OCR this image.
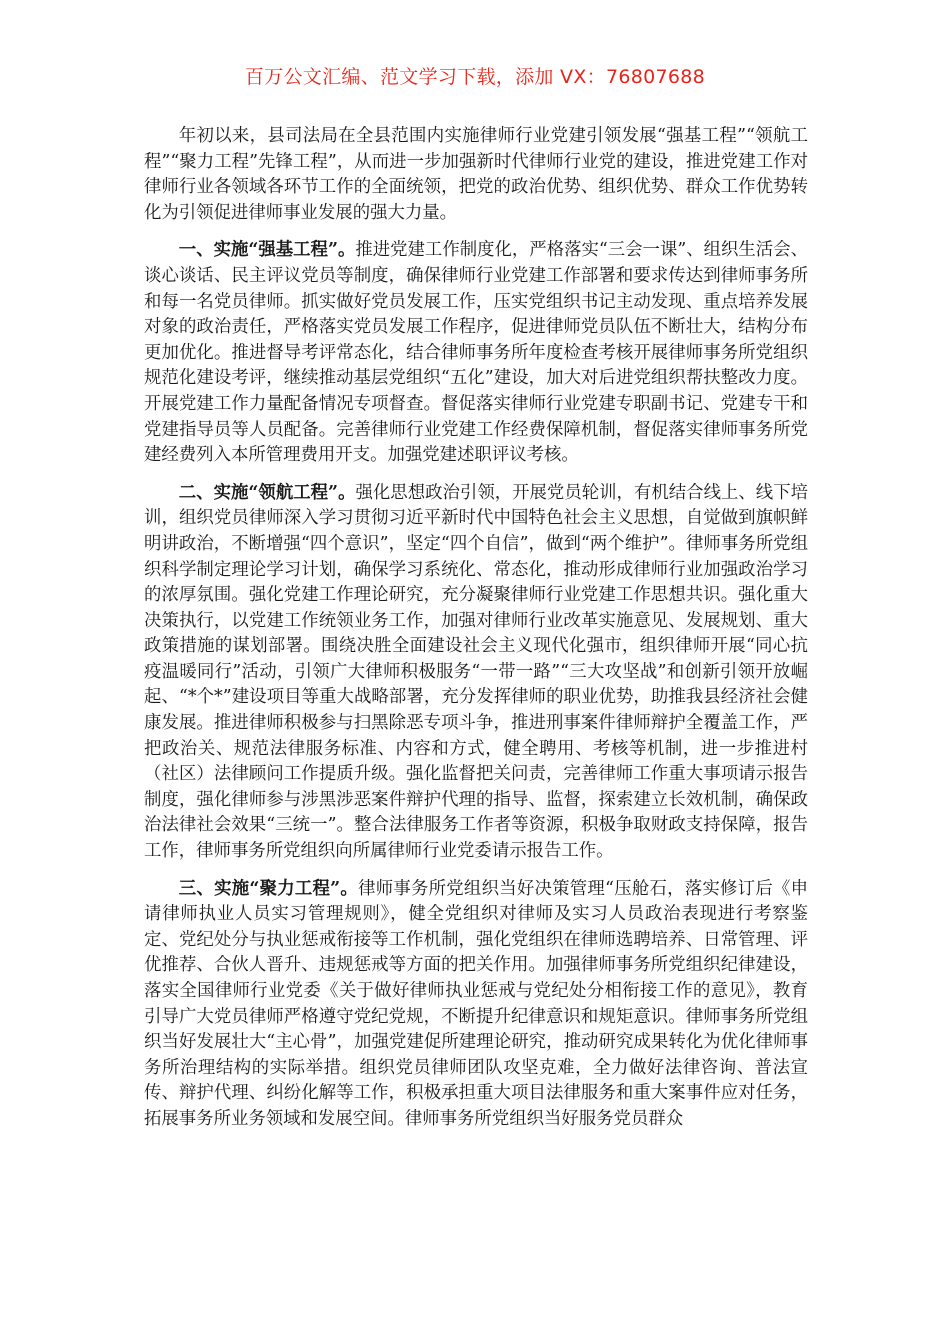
百万公文汇编、范文学习下载，添加 VX：76807688

年初以来，县司法局在全县范围内实施律师行业党建引领发展“强基工程”“领航工程”“聚力工程”先锋工程”，从而进一步加强新时代律师行业党的建设，推进党建工作对律师行业各领域各环节工作的全面统领，把党的政治优势、组织优势、群众工作优势转化为引领促进律师事业发展的强大力量。

一、实施“强基工程”。推进党建工作制度化，严格落实“三会一课”、组织生活会、谈心谈话、民主评议党员等制度，确保律师行业党建工作部署和要求传达到律师事务所和每一名党员律师。抓实做好党员发展工作，压实党组织书记主动发现、重点培养发展对象的政治责任，严格落实党员发展工作程序，促进律师党员队伍不断壮大，结构分布更加优化。推进督导考评常态化，结合律师事务所年度检查考核开展律师事务所党组织规范化建设考评，继续推动基层党组织“五化”建设，加大对后进党组织帮扶整改力度。开展党建工作力量配备情况专项督查。督促落实律师行业党建专职副书记、党建专干和党建指导员等人员配备。完善律师行业党建工作经费保障机制，督促落实律师事务所党建经费列入本所管理费用开支。加强党建述职评议考核。

二、实施“领航工程”。强化思想政治引领，开展党员轮训，有机结合线上、线下培训，组织党员律师深入学习贯彻习近平新时代中国特色社会主义思想，自觉做到旗帜鲜明讲政治，不断增强“四个意识”，坚定“四个自信”，做到“两个维护”。律师事务所党组织科学制定理论学习计划，确保学习系统化、常态化，推动形成律师行业加强政治学习的浓厚氛围。强化党建工作理论研究，充分凝聚律师行业党建工作思想共识。强化重大决策执行，以党建工作统领业务工作，加强对律师行业改革实施意见、发展规划、重大政策措施的谋划部署。围绕决胜全面建设社会主义现代化强市，组织律师开展“同心抗疫温暖同行”活动，引领广大律师积极服务“一带一路”“三大攻坚战”和创新引领开放崛起、“*个*”建设项目等重大战略部署，充分发挥律师的职业优势，助推我县经济社会健康发展。推进律师积极参与扫黑除恶专项斗争，推进刑事案件律师辩护全覆盖工作，严把政治关、规范法律服务标准、内容和方式，健全聘用、考核等机制，进一步推进村（社区）法律顾问工作提质升级。强化监督把关问责，完善律师工作重大事项请示报告制度，强化律师参与涉黑涉恶案件辩护代理的指导、监督，探索建立长效机制，确保政治法律社会效果“三统一”。整合法律服务工作者等资源，积极争取财政支持保障，报告工作，律师事务所党组织向所属律师行业党委请示报告工作。

三、实施“聚力工程”。律师事务所党组织当好决策管理“压舱石，落实修订后《申请律师执业人员实习管理规则》，健全党组织对律师及实习人员政治表现进行考察鉴定、党纪处分与执业惩戒衔接等工作机制，强化党组织在律师选聘培养、日常管理、评优推荐、合伙人晋升、违规惩戒等方面的把关作用。加强律师事务所党组织纪律建设，落实全国律师行业党委《关于做好律师执业惩戒与党纪处分相衔接工作的意见》，教育引导广大党员律师严格遵守党纪党规，不断提升纪律意识和规矩意识。律师事务所党组织当好发展壮大“主心骨”，加强党建促所建理论研究，推动研究成果转化为优化律师事务所治理结构的实际举措。组织党员律师团队攻坚克难，全力做好法律咨询、普法宣传、辩护代理、纠纷化解等工作，积极承担重大项目法律服务和重大案事件应对任务，拓展事务所业务领域和发展空间。律师事务所党组织当好服务党员群众
